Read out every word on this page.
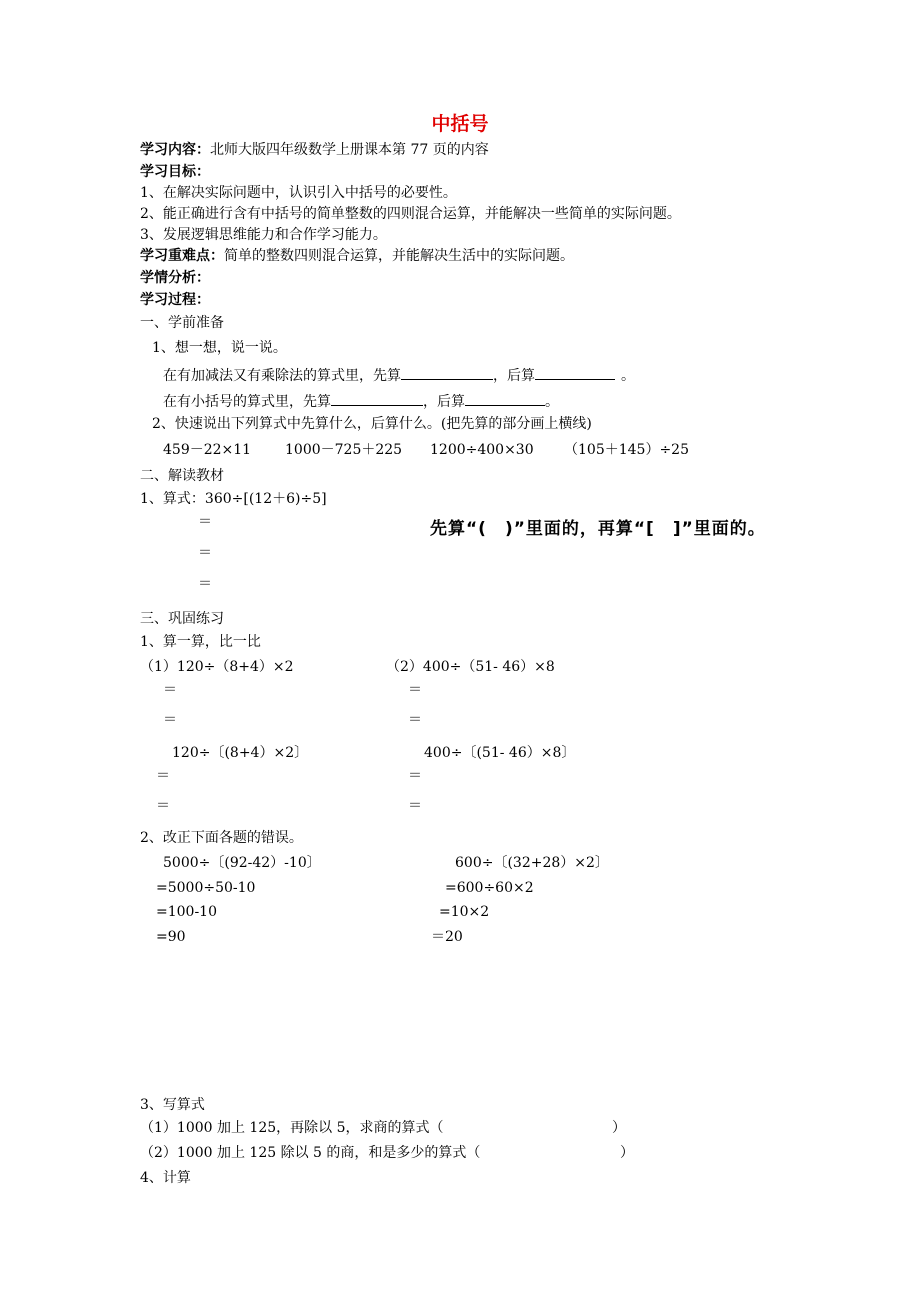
中括号
学习内容：北师大版四年级数学上册课本第 77 页的内容
学习目标：
1、在解决实际问题中，认识引入中括号的必要性。
2、能正确进行含有中括号的简单整数的四则混合运算，并能解决一些简单的实际问题。
3、发展逻辑思维能力和合作学习能力。
学习重难点：简单的整数四则混合运算，并能解决生活中的实际问题。
学情分析：
学习过程：
一、学前准备
1、想一想，说一说。
在有加减法又有乘除法的算式里，先算	，后算	。
在有小括号的算式里，先算	，后算	。
2、快速说出下列算式中先算什么，后算什么。(把先算的部分画上横线)
459－22×11 1000－725＋225 1200÷400×30 （105＋145）÷25
二、解读教材
1、算式：360÷[(12＋6)÷5]
＝
＝
＝
先算“(　)”里面的，再算“[　]”里面的。
三、巩固练习
1、算一算，比一比
（1）120÷（8+4）×2	（2）400÷（51- 46）×8
＝	＝
＝	＝
120÷〔(8+4）×2〕	400÷〔(51- 46）×8〕
＝	＝
＝	＝
2、改正下面各题的错误。
5000÷〔(92-42）-10〕
=5000÷50-10
=100-10
=90
600÷〔(32+28）×2〕
=600÷60×2
=10×2
＝20
3、写算式
（1）1000 加上 125，再除以 5，求商的算式（	）
（2）1000 加上 125 除以 5 的商，和是多少的算式（	）
4、计算
